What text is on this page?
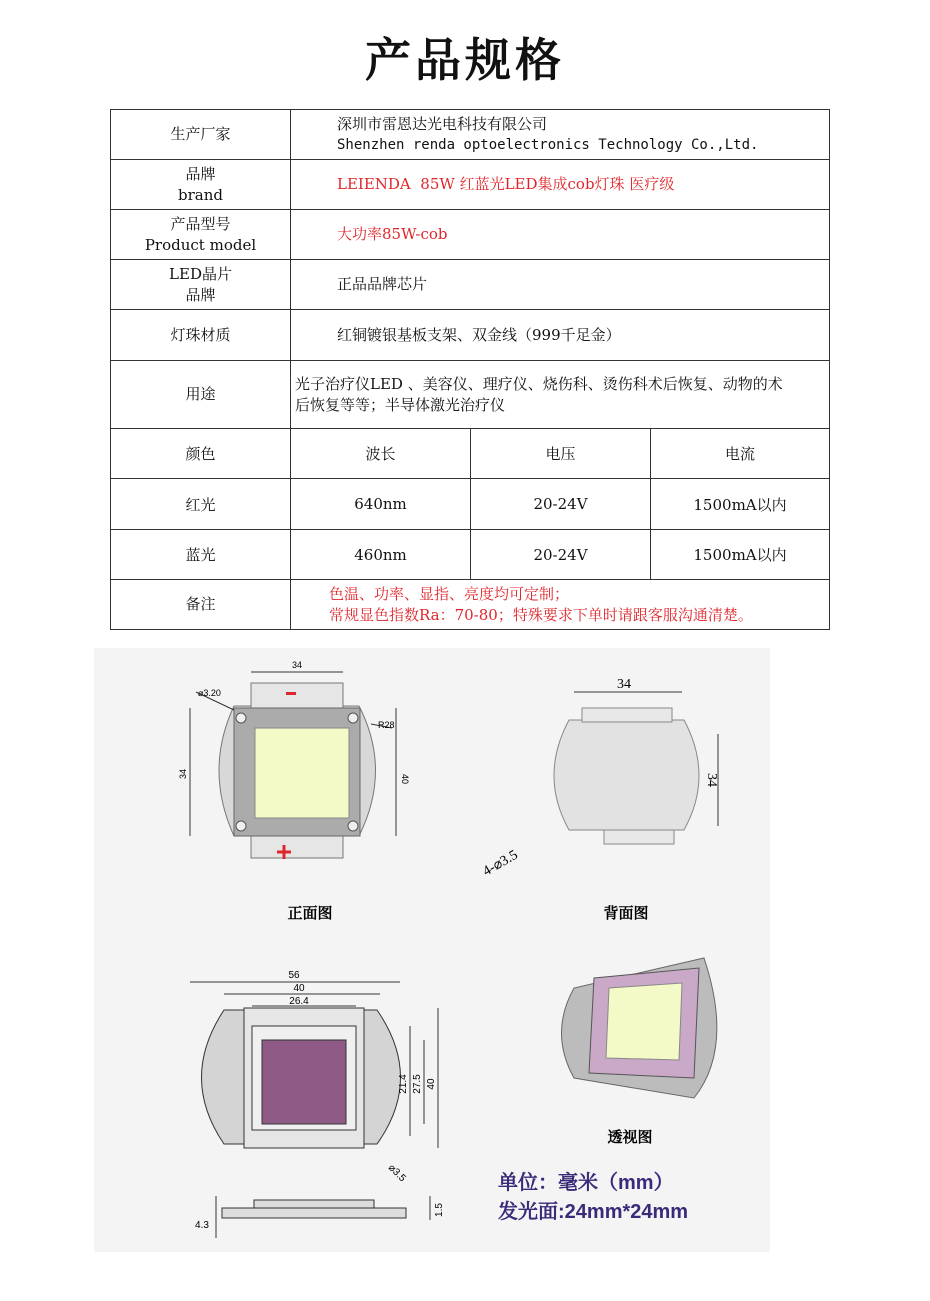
产品规格
生产厂家	深圳市雷恩达光电科技有限公司
Shenzhen renda optoelectronics Technology Co.,Ltd.		

品牌
brand	LEIENDA  85W 红蓝光LED集成cob灯珠 医疗级		

产品型号
Product model	大功率85W-cob		

LED晶片
品牌	正品品牌芯片		
灯珠材质	红铜镀银基板支架、双金线（999千足金）		
用途	光子治疗仪LED 、美容仪、理疗仪、烧伤科、烫伤科术后恢复、动物的术
后恢复等等；半导体激光治疗仪		

颜色	波长	电压	电流
红光	640nm	20-24V	1500mA以内
蓝光	460nm	20-24V	1500mA以内
备注	色温、功率、显指、亮度均可定制；
常规显色指数Ra：70-80；特殊要求下单时请跟客服沟通清楚。		
34
34
⌀3.20
R28
40
正面图
34
34
4-⌀3.5
背面图
56
40
26.4
21.4 27.5 40
⌀3.5
1.5
4.3
透视图
单位：毫米（mm）
发光面:24mm*24mm
